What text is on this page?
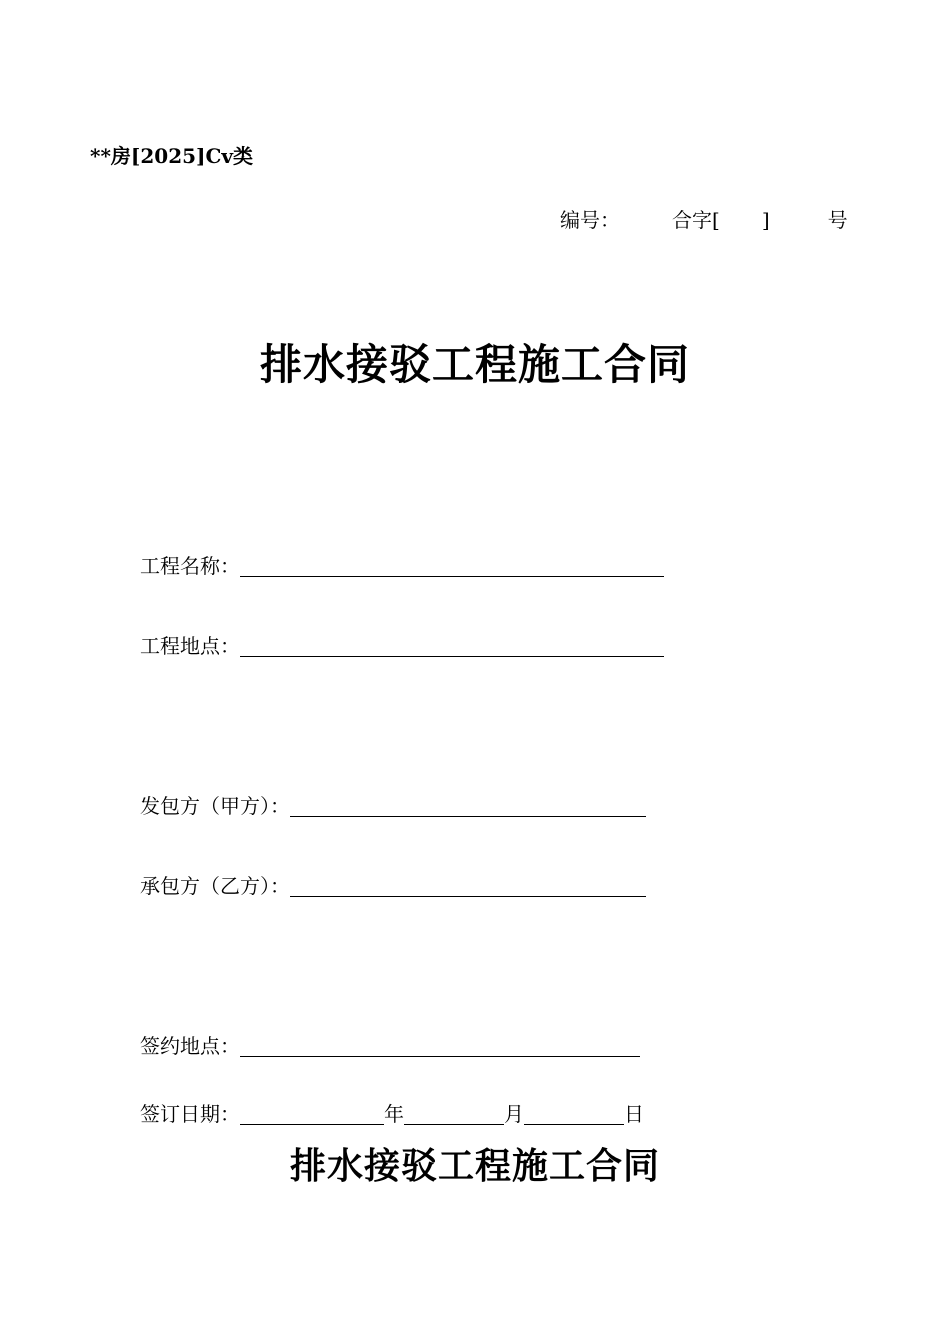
**房[2025]Cv类
编号：	合字[ ]	号
排水接驳工程施工合同
工程名称：
工程地点：
发包方（甲方）：
承包方（乙方）：
签约地点：
签订日期：	年	月	日
排水接驳工程施工合同
